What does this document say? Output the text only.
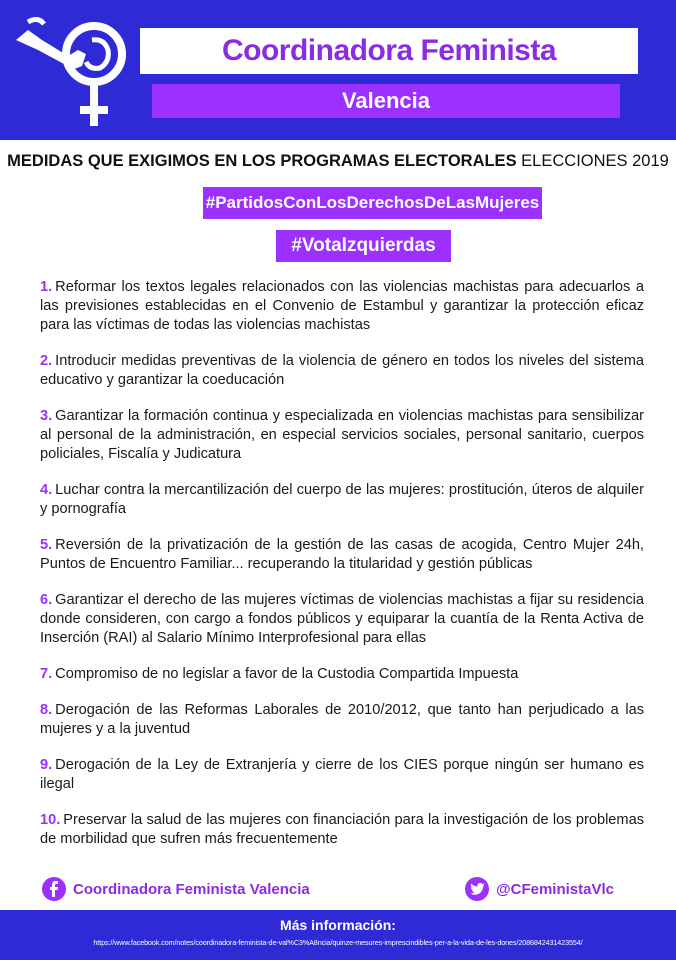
Coordinadora Feminista
Valencia
MEDIDAS QUE EXIGIMOS EN LOS PROGRAMAS ELECTORALES ELECCIONES 2019
#PartidosConLosDerechosDeLasMujeres
#VotaIzquierdas

1. Reformar los textos legales relacionados con las violencias machistas para adecuarlos a las previsiones establecidas en el Convenio de Estambul y garantizar la protección eficaz para las víctimas de todas las violencias machistas

2. Introducir medidas preventivas de la violencia de género en todos los niveles del sistema educativo y garantizar la coeducación

3. Garantizar la formación continua y especializada en violencias machistas para sensibilizar al personal de la administración, en especial servicios sociales, personal sanitario, cuerpos policiales, Fiscalía y Judicatura

4. Luchar contra la mercantilización del cuerpo de las mujeres: prostitución, úteros de alquiler y pornografía

5. Reversión de la privatización de la gestión de las casas de acogida, Centro Mujer 24h, Puntos de Encuentro Familiar... recuperando la titularidad y gestión públicas

6. Garantizar el derecho de las mujeres víctimas de violencias machistas a fijar su residencia donde consideren, con cargo a fondos públicos y equiparar la cuantía de la Renta Activa de Inserción (RAI) al Salario Mínimo Interprofesional para ellas

7. Compromiso de no legislar a favor de la Custodia Compartida Impuesta

8. Derogación de las Reformas Laborales de 2010/2012, que tanto han perjudicado a las mujeres y a la juventud

9. Derogación de la Ley de Extranjería y cierre de los CIES porque ningún ser humano es ilegal

10. Preservar la salud de las mujeres con financiación para la investigación de los problemas de morbilidad que sufren más frecuentemente

Coordinadora Feminista Valencia	@CFeministaVlc
Más información:
https://www.facebook.com/notes/coordinadora-feminista-de-val%C3%A8ncia/quinze-mesures-imprescindibles-per-a-la-vida-de-les-dones/2086842431423554/
